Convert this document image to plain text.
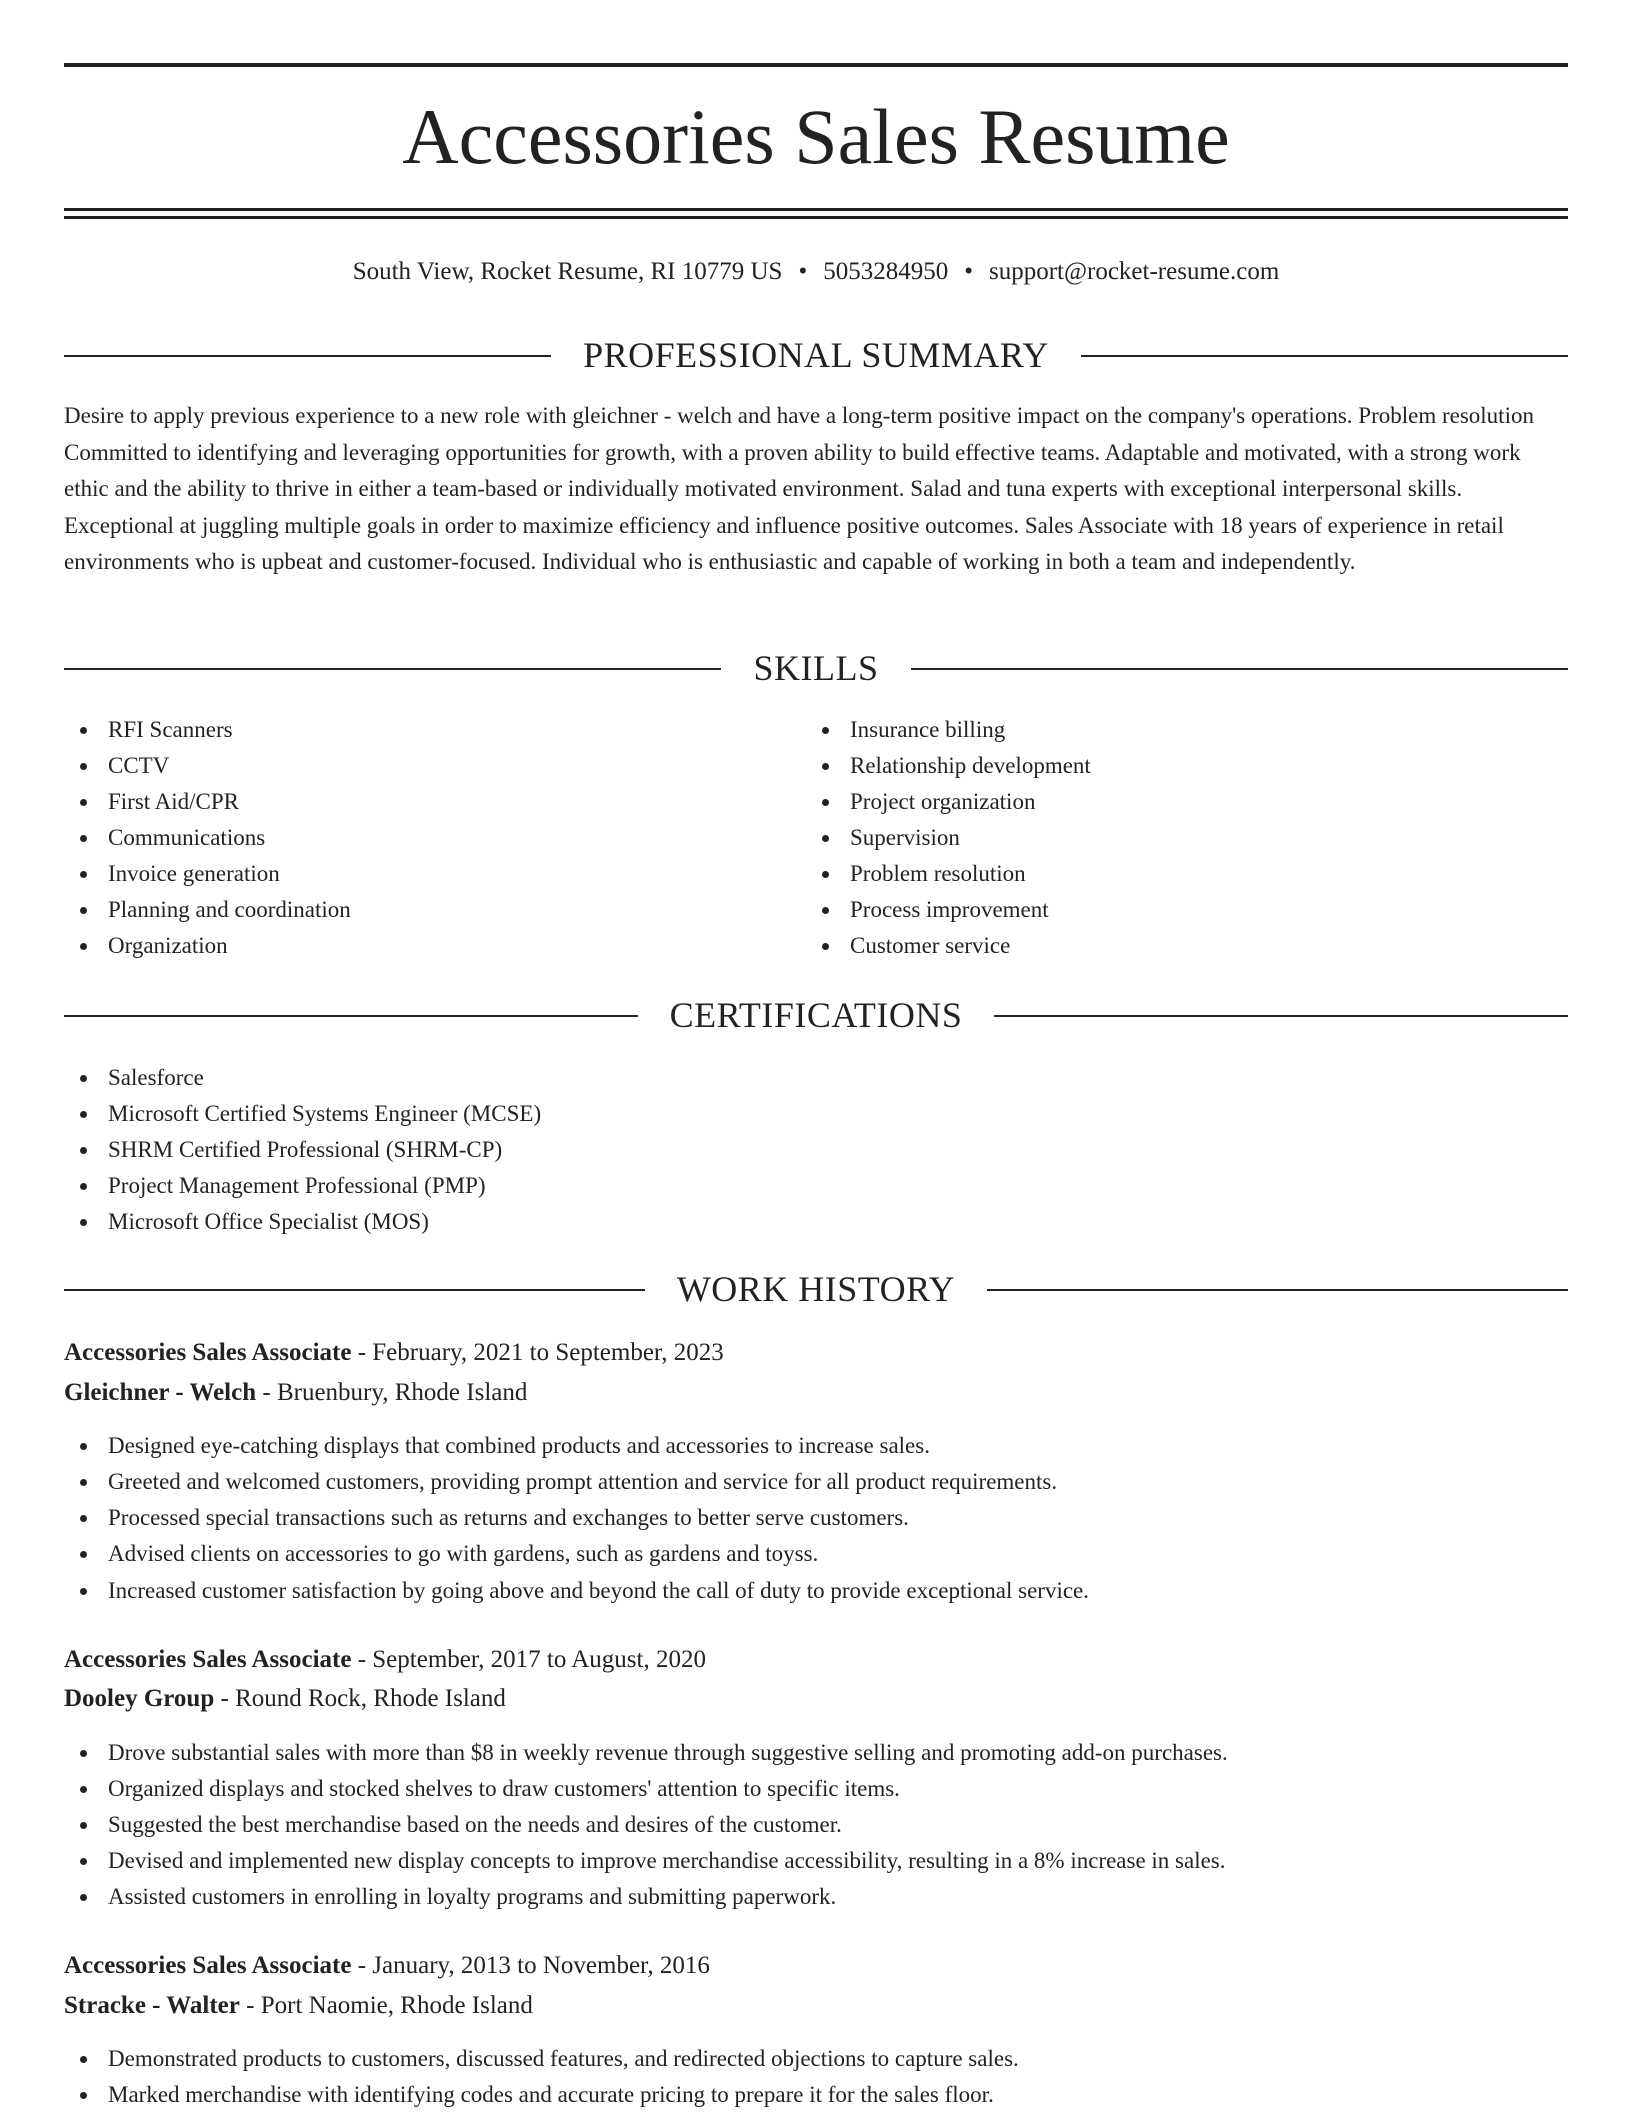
Accessories Sales Resume
South View, Rocket Resume, RI 10779 US • 5053284950 • support@rocket-resume.com
PROFESSIONAL SUMMARY

Desire to apply previous experience to a new role with gleichner - welch and have a long-term positive impact on the company's operations. Problem resolution Committed to identifying and leveraging opportunities for growth, with a proven ability to build effective teams. Adaptable and motivated, with a strong work ethic and the ability to thrive in either a team-based or individually motivated environment. Salad and tuna experts with exceptional interpersonal skills. Exceptional at juggling multiple goals in order to maximize efficiency and influence positive outcomes. Sales Associate with 18 years of experience in retail environments who is upbeat and customer-focused. Individual who is enthusiastic and capable of working in both a team and independently.

SKILLS
RFI Scanners
CCTV
First Aid/CPR
Communications
Invoice generation
Planning and coordination
Organization
Insurance billing
Relationship development
Project organization
Supervision
Problem resolution
Process improvement
Customer service
CERTIFICATIONS
Salesforce
Microsoft Certified Systems Engineer (MCSE)
SHRM Certified Professional (SHRM-CP)
Project Management Professional (PMP)
Microsoft Office Specialist (MOS)
WORK HISTORY
Accessories Sales Associate - February, 2021 to September, 2023
Gleichner - Welch - Bruenbury, Rhode Island
Designed eye-catching displays that combined products and accessories to increase sales.
Greeted and welcomed customers, providing prompt attention and service for all product requirements.
Processed special transactions such as returns and exchanges to better serve customers.
Advised clients on accessories to go with gardens, such as gardens and toyss.
Increased customer satisfaction by going above and beyond the call of duty to provide exceptional service.
Accessories Sales Associate - September, 2017 to August, 2020
Dooley Group - Round Rock, Rhode Island
Drove substantial sales with more than $8 in weekly revenue through suggestive selling and promoting add-on purchases.
Organized displays and stocked shelves to draw customers' attention to specific items.
Suggested the best merchandise based on the needs and desires of the customer.
Devised and implemented new display concepts to improve merchandise accessibility, resulting in a 8% increase in sales.
Assisted customers in enrolling in loyalty programs and submitting paperwork.
Accessories Sales Associate - January, 2013 to November, 2016
Stracke - Walter - Port Naomie, Rhode Island
Demonstrated products to customers, discussed features, and redirected objections to capture sales.
Marked merchandise with identifying codes and accurate pricing to prepare it for the sales floor.
